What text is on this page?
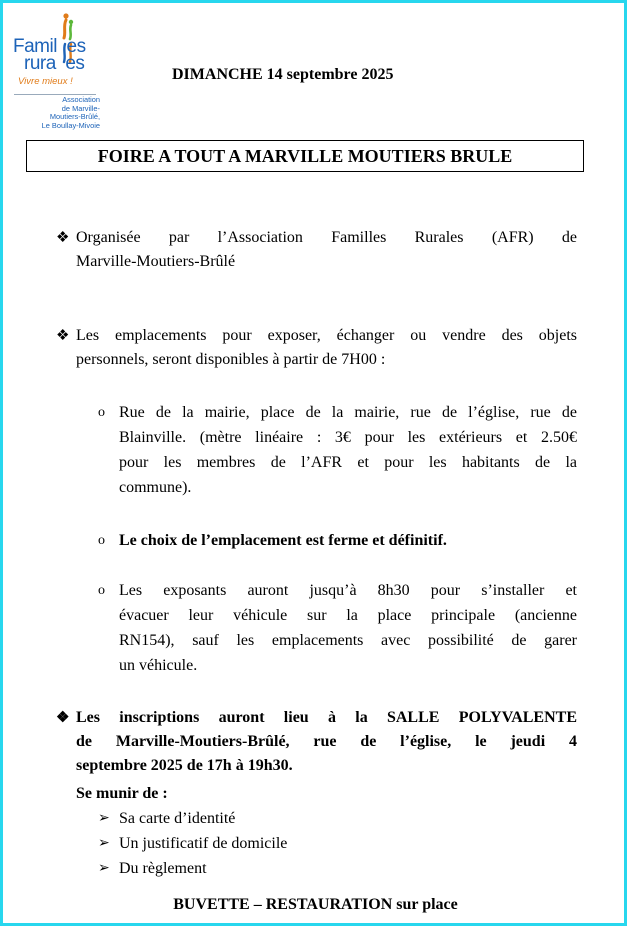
Famil es
rura es
Vivre mieux !
Association
de Marville-
Moutiers-Brûlé,
Le Boullay-Mivoie
DIMANCHE 14 septembre 2025
FOIRE A TOUT A MARVILLE MOUTIERS BRULE
❖ Organisée par l’Association Familles Rurales (AFR) de
Marville-Moutiers-Brûlé
❖ Les emplacements pour exposer, échanger ou vendre des objets
personnels, seront disponibles à partir de 7H00 :
o Rue de la mairie, place de la mairie, rue de l’église, rue de
Blainville. (mètre linéaire : 3€ pour les extérieurs et 2.50€
pour les membres de l’AFR et pour les habitants de la
commune).
o Le choix de l’emplacement est ferme et définitif.
o Les exposants auront jusqu’à 8h30 pour s’installer et
évacuer leur véhicule sur la place principale (ancienne
RN154), sauf les emplacements avec possibilité de garer
un véhicule.
❖ Les inscriptions auront lieu à la SALLE POLYVALENTE
de Marville-Moutiers-Brûlé, rue de l’église, le jeudi 4
septembre 2025 de 17h à 19h30.
Se munir de :
➢ Sa carte d’identité
➢ Un justificatif de domicile
➢ Du règlement
BUVETTE – RESTAURATION sur place
